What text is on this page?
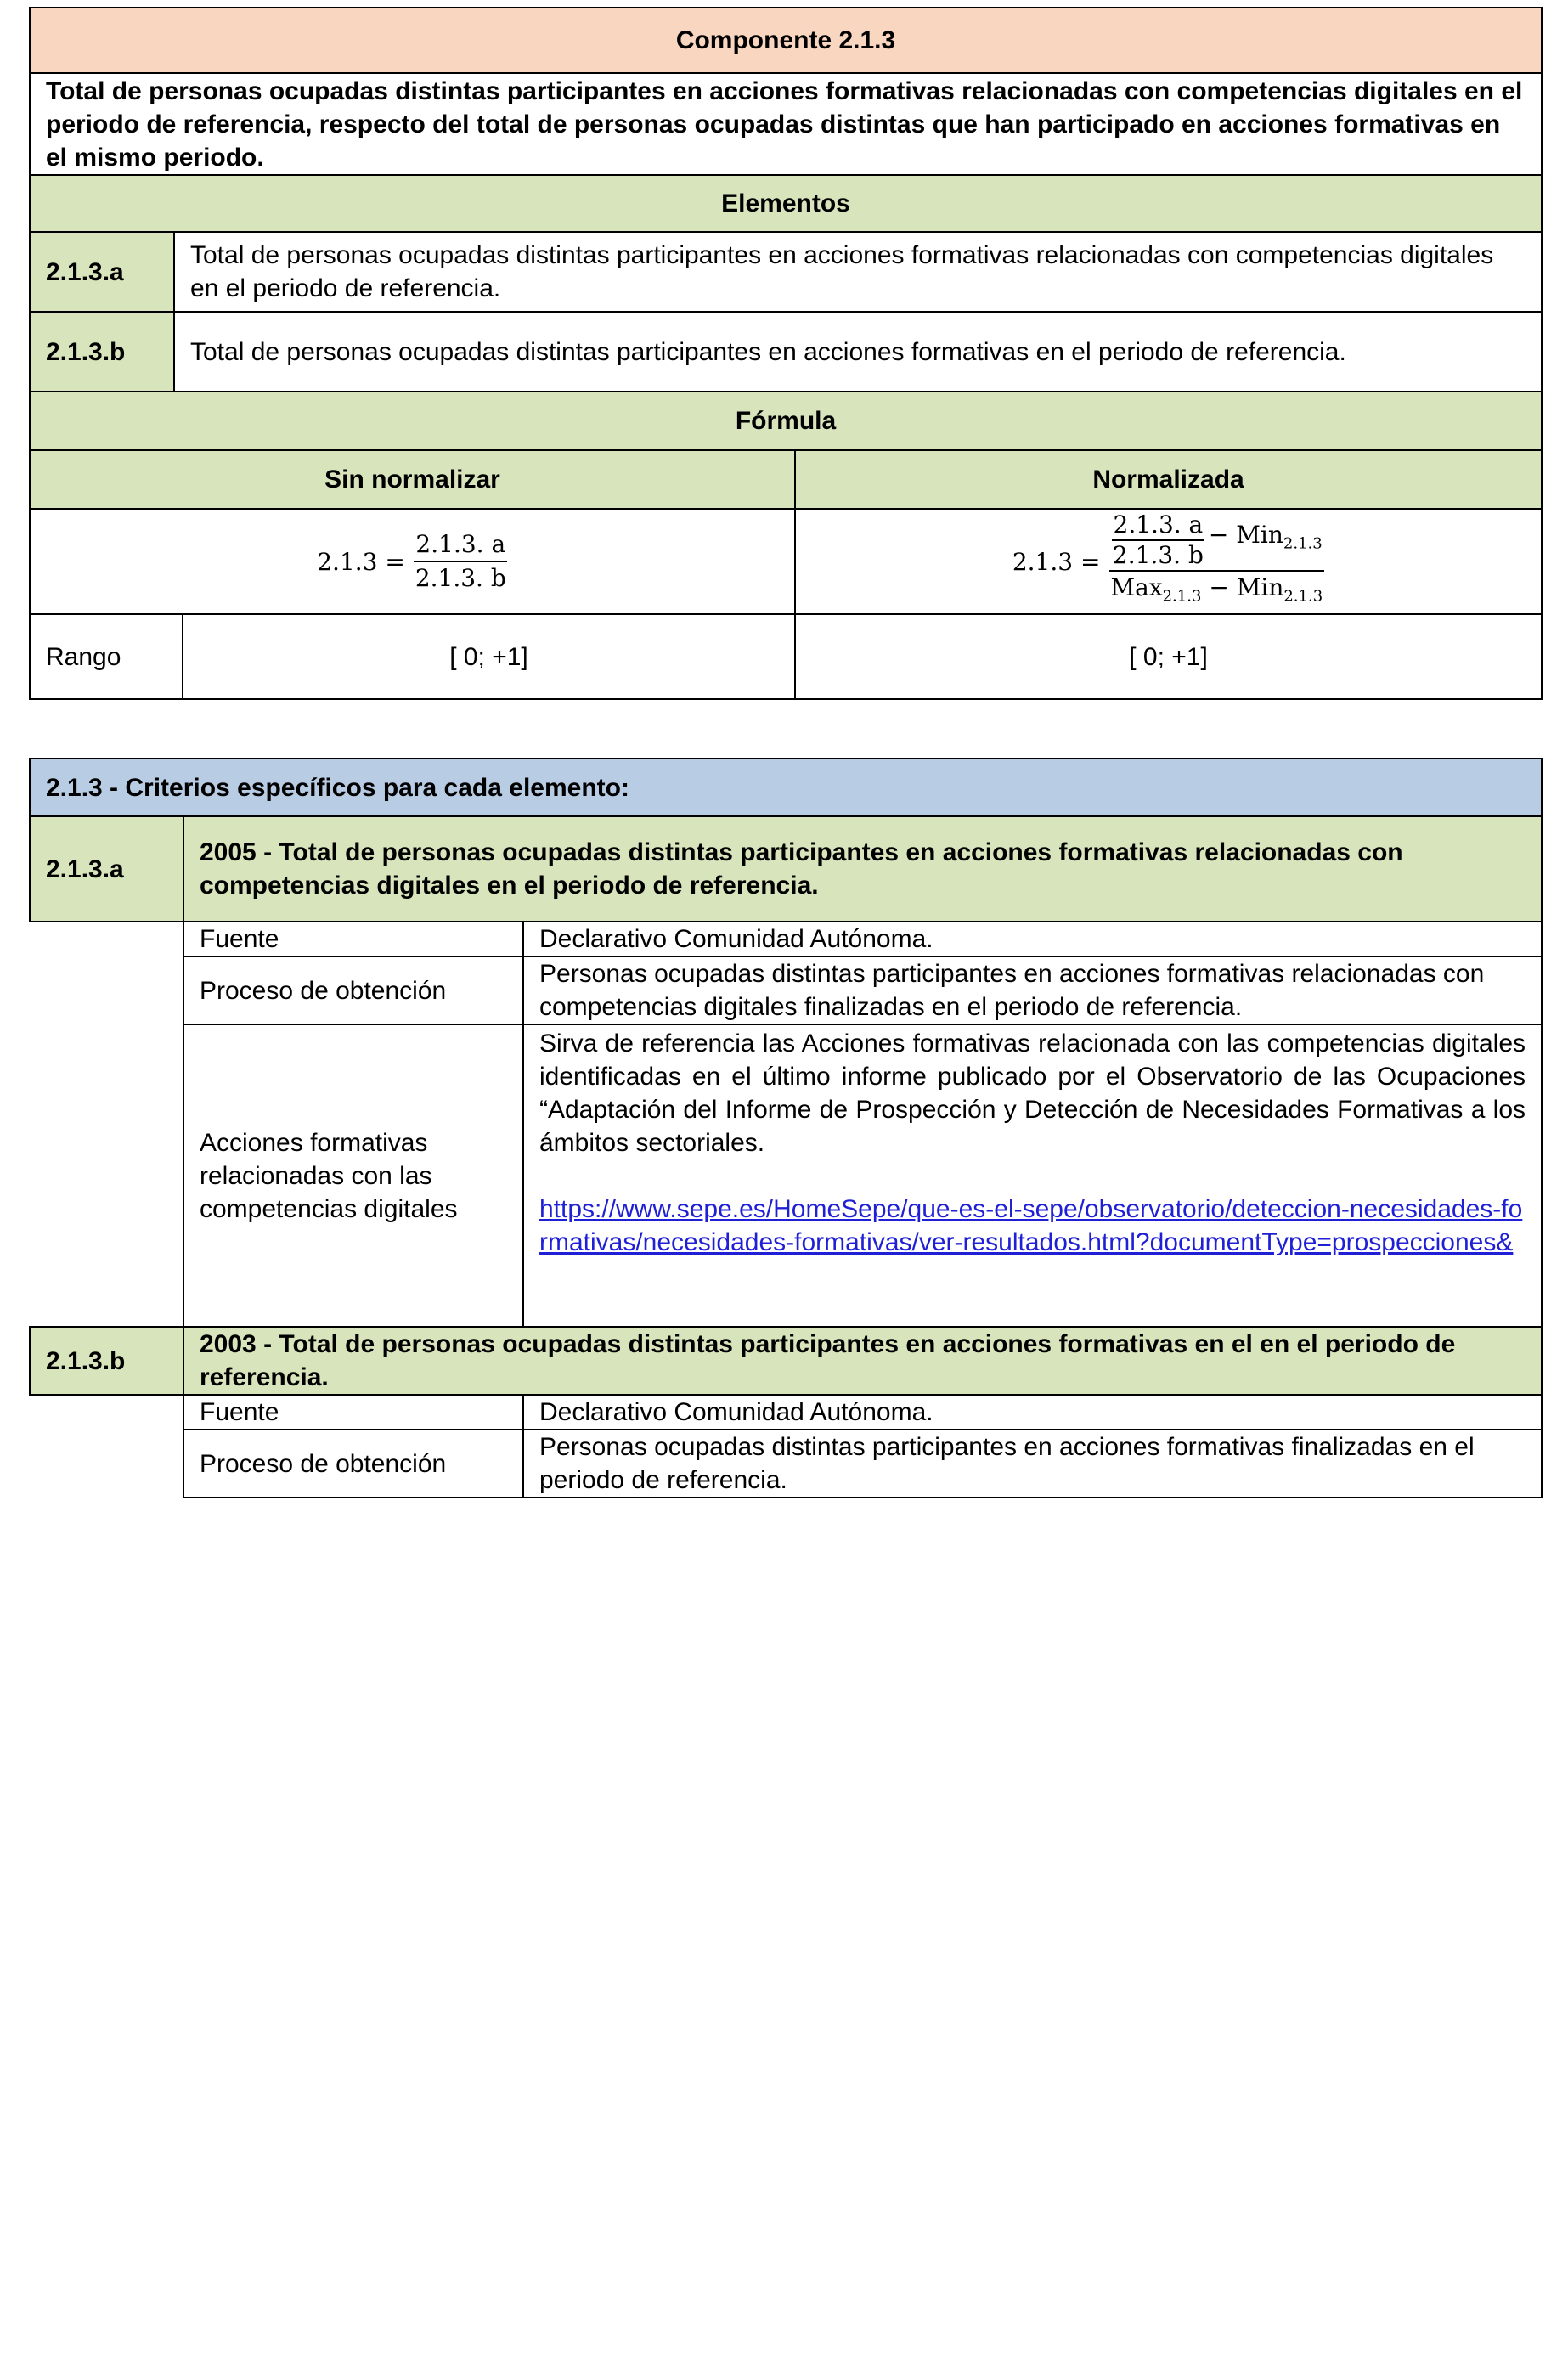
Componente 2.1.3			
Total de personas ocupadas distintas participantes en acciones formativas relacionadas con competencias digitales en el periodo de referencia, respecto del total de personas ocupadas distintas que han participado en acciones formativas en el mismo periodo.			
Elementos			
2.1.3.a	Total de personas ocupadas distintas participantes en acciones formativas relacionadas con competencias digitales en el periodo de referencia.		
2.1.3.b	Total de personas ocupadas distintas participantes en acciones formativas en el periodo de referencia.		
Fórmula			
Sin normalizar			Normalizada

$2.1.3 = \frac{2.1.3. a}{2.1.3. b}$			$2.1.3 = \frac{2.1.3. a}{2.1.3. b} - Min_{2.1.3}$
Max$_{2.1.3}$ − Min$_{2.1.3}$

Rango		[ 0; +1]	[ 0; +1]
2.1.3 - Criterios específicos para cada elemento:		
2.1.3.a	2005 - Total de personas ocupadas distintas participantes en acciones formativas relacionadas con competencias digitales en el periodo de referencia.	
	Fuente	Declarativo Comunidad Autónoma.
	Proceso de obtención	Personas ocupadas distintas participantes en acciones formativas relacionadas con competencias digitales finalizadas en el periodo de referencia.
	Acciones formativas relacionadas con las competencias digitales	Sirva de referencia las Acciones formativas relacionada con las competencias digitales identificadas en el último informe publicado por el Observatorio de las Ocupaciones “Adaptación del Informe de Prospección y Detección de Necesidades Formativas a los ámbitos sectoriales.
https://www.sepe.es/HomeSepe/que-es-el-sepe/observatorio/deteccion-necesidades-formativas/necesidades-formativas/ver-resultados.html?documentType=prospecciones&

2.1.3.b	2003 - Total de personas ocupadas distintas participantes en acciones formativas en el en el periodo de referencia.	
	Fuente	Declarativo Comunidad Autónoma.
	Proceso de obtención	Personas ocupadas distintas participantes en acciones formativas finalizadas en el periodo de referencia.
